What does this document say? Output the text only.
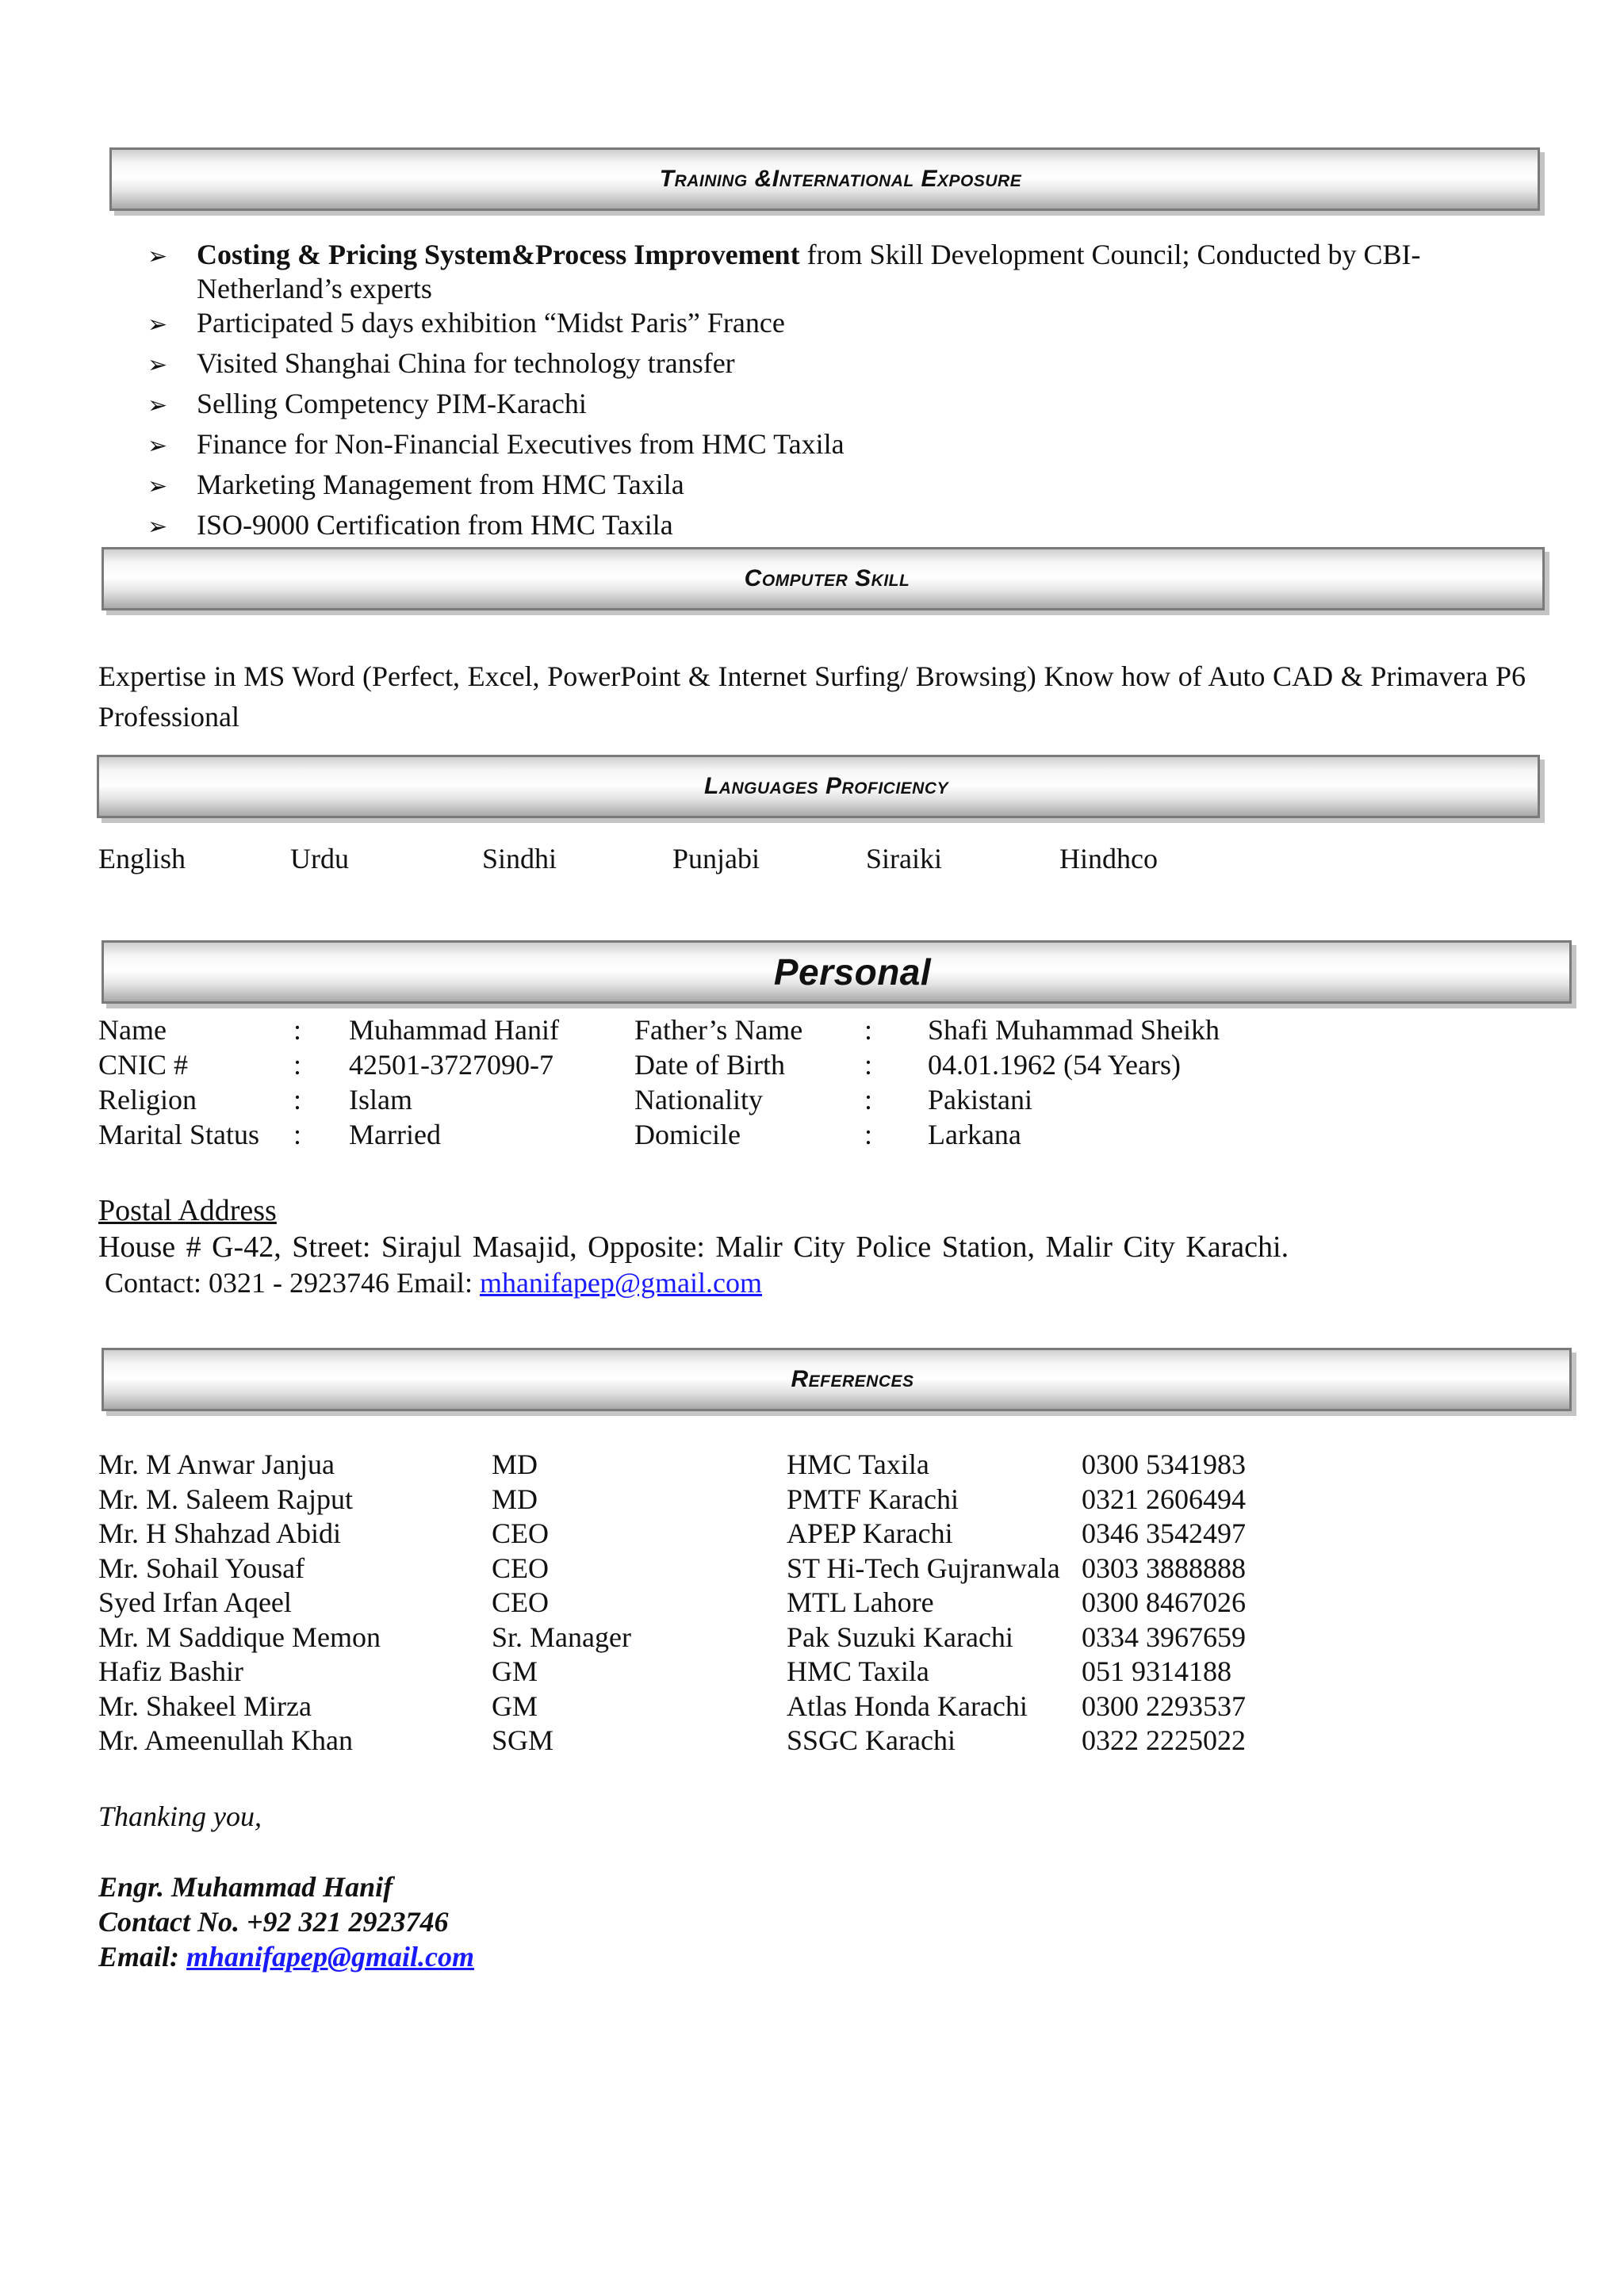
Training &International Exposure
➢ Costing & Pricing System&Process Improvement from Skill Development Council; Conducted by CBI-Netherland’s experts
➢ Participated 5 days exhibition “Midst Paris” France
➢ Visited Shanghai China for technology transfer
➢ Selling Competency PIM-Karachi
➢ Finance for Non-Financial Executives from HMC Taxila
➢ Marketing Management from HMC Taxila
➢ ISO-9000 Certification from HMC Taxila
Computer Skill
Expertise in MS Word (Perfect, Excel, PowerPoint & Internet Surfing/ Browsing) Know how of Auto CAD & Primavera P6 Professional
Languages Proficiency
English	Urdu	Sindhi	Punjabi	Siraiki	Hindhco
Personal
Name	: Muhammad Hanif	Father’s Name : Shafi Muhammad Sheikh
CNIC #	: 42501-3727090-7	Date of Birth	: 04.01.1962 (54 Years)
Religion	: Islam	Nationality	: Pakistani
Marital Status : Married	Domicile	: Larkana
Postal Address
House # G-42, Street: Sirajul Masajid, Opposite: Malir City Police Station, Malir City Karachi.
Contact: 0321 - 2923746 Email: mhanifapep@gmail.com
References
Mr. M Anwar Janjua	MD	HMC Taxila	0300 5341983
Mr. M. Saleem Rajput	MD	PMTF Karachi	0321 2606494
Mr. H Shahzad Abidi	CEO	APEP Karachi	0346 3542497
Mr. Sohail Yousaf	CEO	ST Hi-Tech Gujranwala 0303 3888888
Syed Irfan Aqeel	CEO	MTL Lahore	0300 8467026
Mr. M Saddique Memon	Sr. Manager	Pak Suzuki Karachi 0334 3967659
Hafiz Bashir	GM	HMC Taxila	051 9314188
Mr. Shakeel Mirza	GM	Atlas Honda Karachi 0300 2293537
Mr. Ameenullah Khan	SGM	SSGC Karachi	0322 2225022
Thanking you,
Engr. Muhammad Hanif
Contact No. +92 321 2923746
Email: mhanifapep@gmail.com
